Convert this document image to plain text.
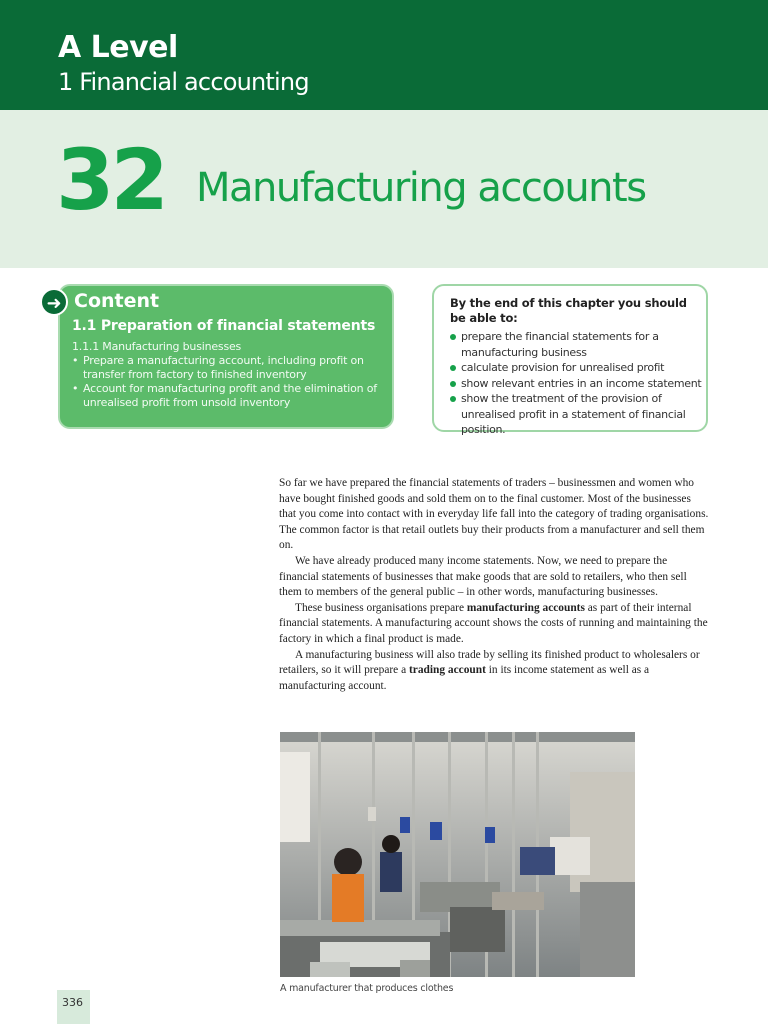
A Level
1 Financial accounting
32 Manufacturing accounts
➜ Content
1.1 Preparation of financial statements

1.1.1 Manufacturing businesses

• Prepare a manufacturing account, including profit on transfer from factory to finished inventory

• Account for manufacturing profit and the elimination of unrealised profit from unsold inventory

By the end of this chapter you should be able to:
prepare the financial statements for a manufacturing business
calculate provision for unrealised profit
show relevant entries in an income statement
show the treatment of the provision of unrealised profit in a statement of financial position.

So far we have prepared the financial statements of traders – businessmen and women who have bought finished goods and sold them on to the final customer. Most of the businesses that you come into contact with in everyday life fall into the category of trading organisations. The common factor is that retail outlets buy their products from a manufacturer and sell them on.

We have already produced many income statements. Now, we need to prepare the financial statements of businesses that make goods that are sold to retailers, who then sell them to members of the general public – in other words, manufacturing businesses.

These business organisations prepare manufacturing accounts as part of their internal financial statements. A manufacturing account shows the costs of running and maintaining the factory in which a final product is made.

A manufacturing business will also trade by selling its finished product to wholesalers or retailers, so it will prepare a trading account in its income statement as well as a manufacturing account.

A manufacturer that produces clothes
336
